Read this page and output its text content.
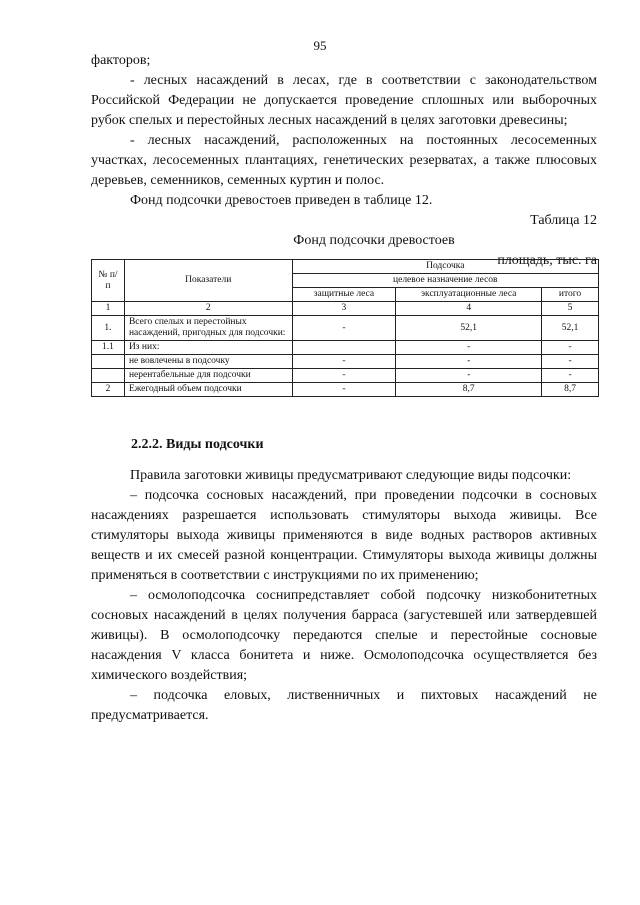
95

факторов;

- лесных насаждений в лесах, где в соответствии с законодательством Российской Федерации не допускается проведение сплошных или выборочных рубок спелых и перестойных лесных насаждений в целях заготовки древесины;

- лесных насаждений, расположенных на постоянных лесосеменных участках, лесосеменных плантациях, генетических резерватах, а также плюсовых деревьев, семенников, семенных куртин и полос.

Фонд подсочки древостоев приведен в таблице 12.

Таблица 12

Фонд подсочки древостоев

площадь, тыс. га

№ п/п	Показатели	Подсочка		
		целевое назначение лесов		
		защитные леса	эксплуатационные леса	итого
1	2	3	4	5
1.	Всего спелых и перестойных насаждений, пригодных для подсочки:	-	52,1	52,1
1.1	Из них:		-	-
	не вовлечены в подсочку	-	-	-
	нерентабельные для подсочки	-	-	-
2	Ежегодный объем подсочки	-	8,7	8,7
2.2.2. Виды подсочки

Правила заготовки живицы предусматривают следующие виды подсочки:

– подсочка сосновых насаждений, при проведении подсочки в сосновых насаждениях разрешается использовать стимуляторы выхода живицы. Все стимуляторы выхода живицы применяются в виде водных растворов активных веществ и их смесей разной концентрации. Стимуляторы выхода живицы должны применяться в соответствии с инструкциями по их применению;

– осмолоподсочка соснипредставляет собой подсочку низкобонитетных сосновых насаждений в целях получения барраса (загустевшей или затвердевшей живицы). В осмолоподсочку передаются спелые и перестойные сосновые насаждения V класса бонитета и ниже. Осмолоподсочка осуществляется без химического воздействия;

– подсочка еловых, лиственничных и пихтовых насаждений не предусматривается.
